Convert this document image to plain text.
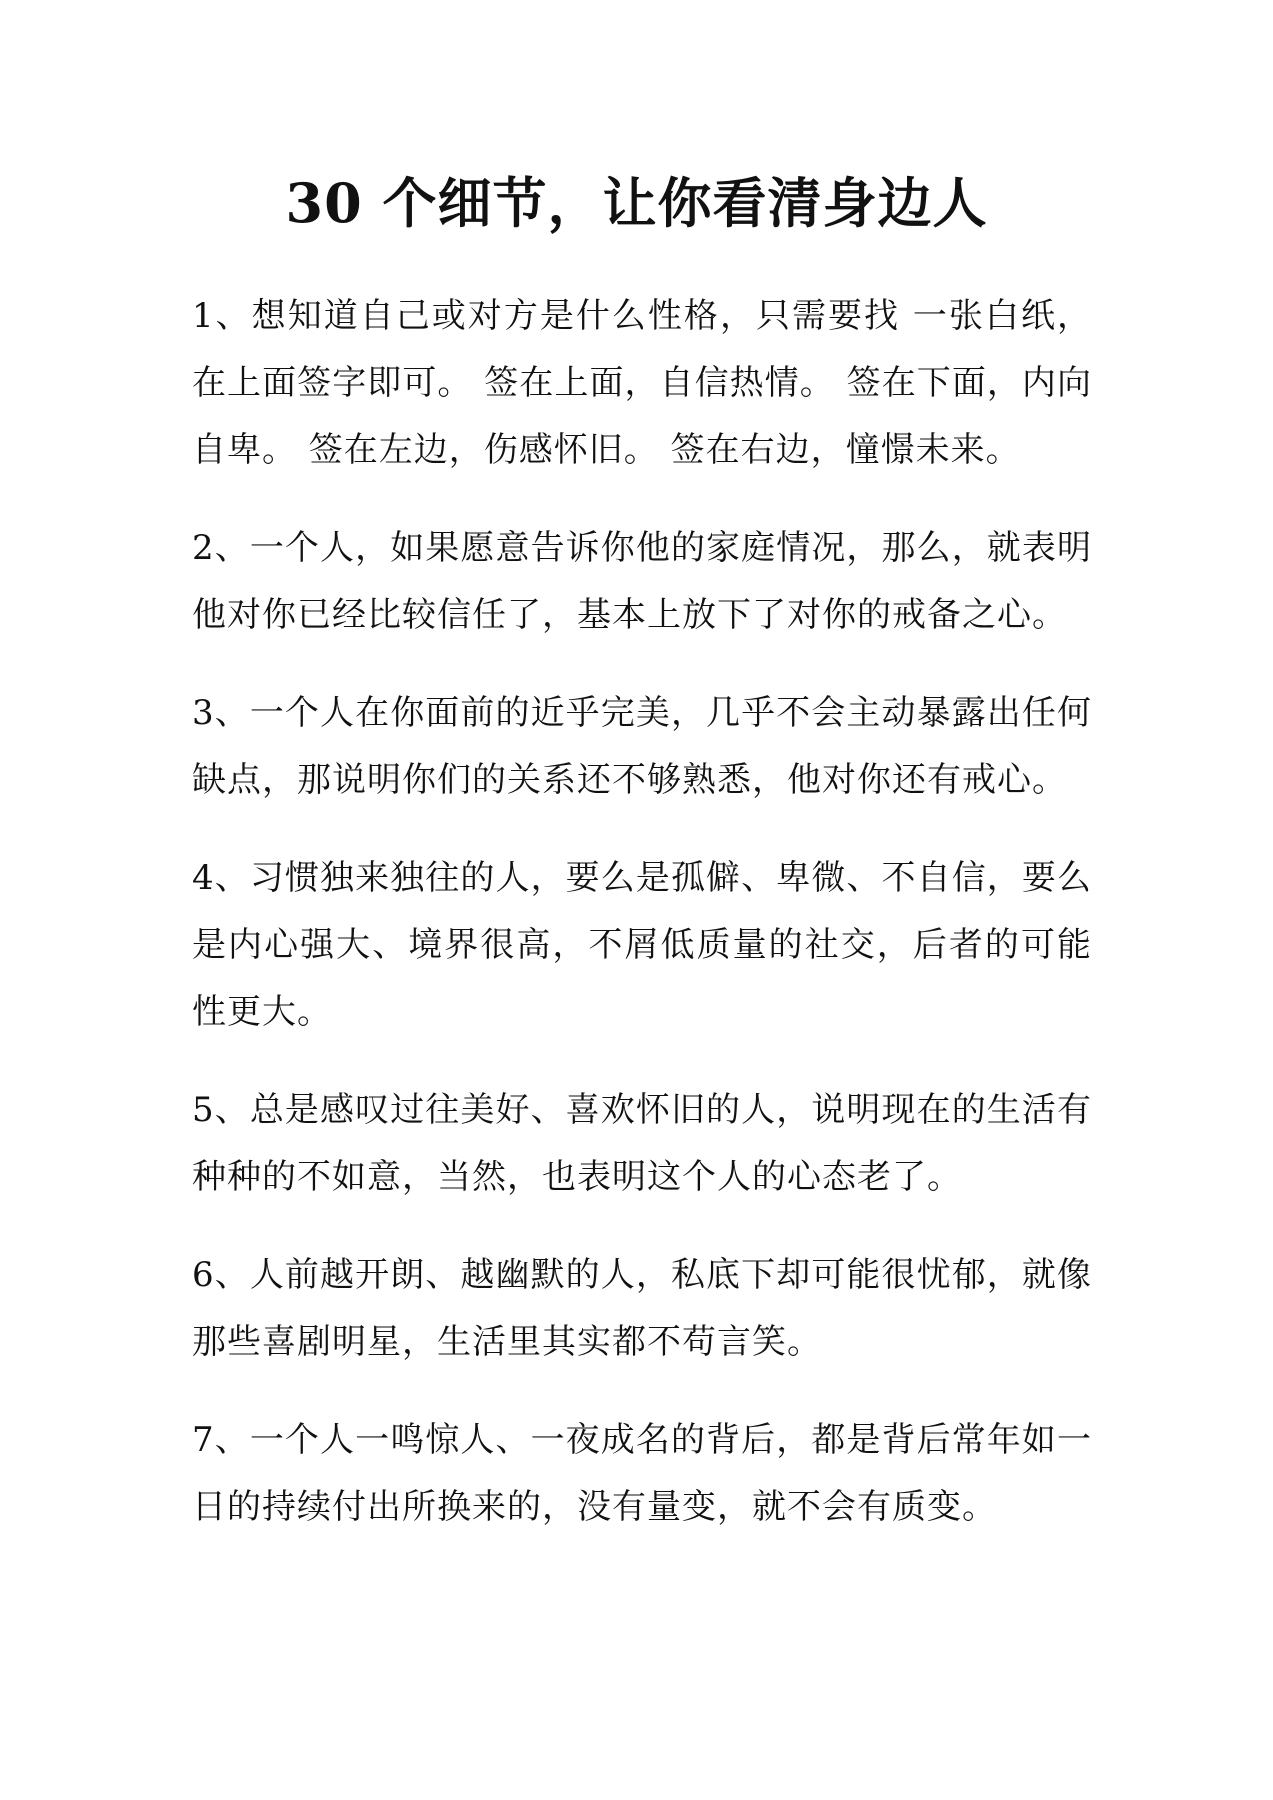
30 个细节，让你看清身边人

1、想知道自己或对方是什么性格，只需要找 一张白纸，在上面签字即可。 签在上面，自信热情。 签在下面，内向自卑。 签在左边，伤感怀旧。 签在右边，憧憬未来。

2、一个人，如果愿意告诉你他的家庭情况，那么，就表明他对你已经比较信任了，基本上放下了对你的戒备之心。

3、一个人在你面前的近乎完美，几乎不会主动暴露出任何缺点，那说明你们的关系还不够熟悉，他对你还有戒心。

4、习惯独来独往的人，要么是孤僻、卑微、不自信，要么是内心强大、境界很高，不屑低质量的社交，后者的可能性更大。

5、总是感叹过往美好、喜欢怀旧的人，说明现在的生活有种种的不如意，当然，也表明这个人的心态老了。

6、人前越开朗、越幽默的人，私底下却可能很忧郁，就像那些喜剧明星，生活里其实都不苟言笑。

7、一个人一鸣惊人、一夜成名的背后，都是背后常年如一日的持续付出所换来的，没有量变，就不会有质变。
